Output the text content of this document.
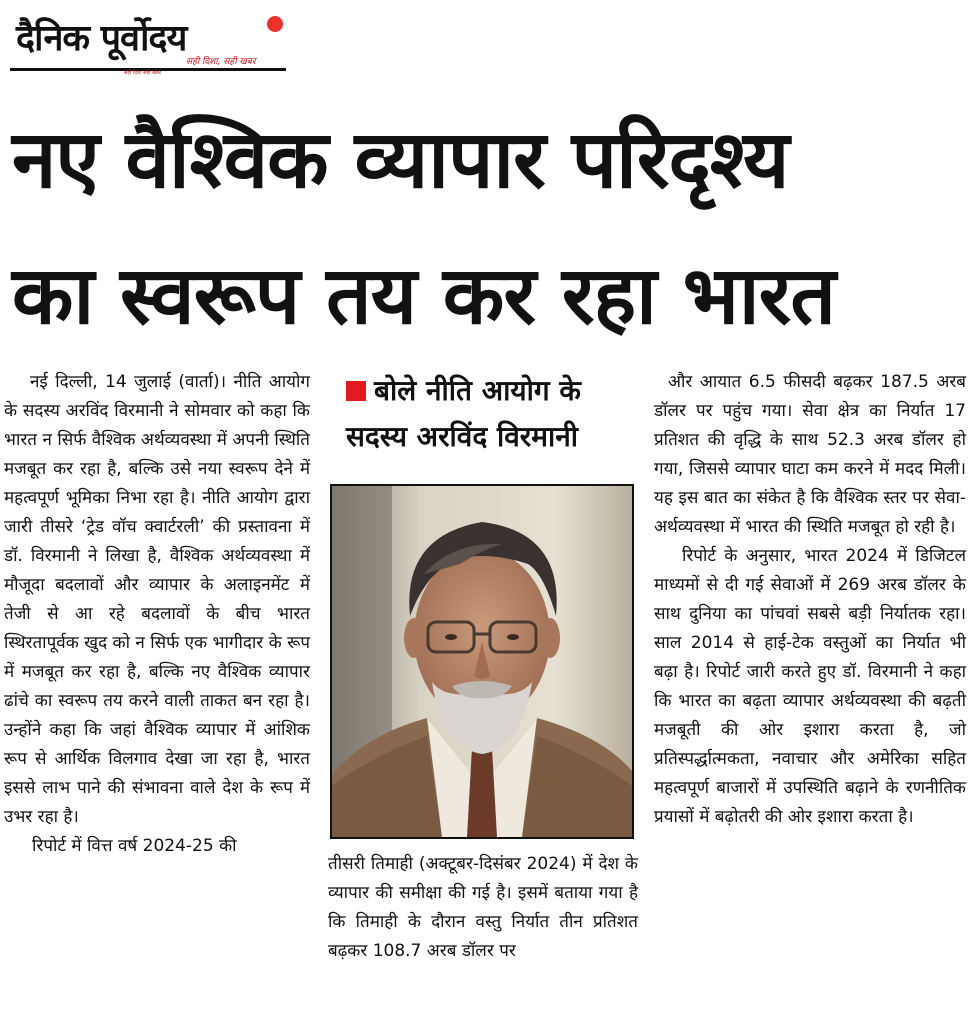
दैनिक पूर्वोदय
सही दिशा, सही खबर
सही दिशा सही खबर
नए वैश्विक व्यापार परिदृश्य
का स्वरूप तय कर रहा भारत

नई दिल्ली, 14 जुलाई (वार्ता)। नीति आयोग के सदस्य अरविंद विरमानी ने सोमवार को कहा कि भारत न सिर्फ वैश्विक अर्थव्यवस्था में अपनी स्थिति मजबूत कर रहा है, बल्कि उसे नया स्वरूप देने में महत्वपूर्ण भूमिका निभा रहा है। नीति आयोग द्वारा जारी तीसरे ‘ट्रेड वॉच क्वार्टरली’ की प्रस्तावना में डॉ. विरमानी ने लिखा है, वैश्विक अर्थव्यवस्था में मौजूदा बदलावों और व्यापार के अलाइनमेंट में तेजी से आ रहे बदलावों के बीच भारत स्थिरतापूर्वक खुद को न सिर्फ एक भागीदार के रूप में मजबूत कर रहा है, बल्कि नए वैश्विक व्यापार ढांचे का स्वरूप तय करने वाली ताकत बन रहा है। उन्होंने कहा कि जहां वैश्विक व्यापार में आंशिक रूप से आर्थिक विलगाव देखा जा रहा है, भारत इससे लाभ पाने की संभावना वाले देश के रूप में उभर रहा है।

रिपोर्ट में वित्त वर्ष 2024-25 की

बोले नीति आयोग के
सदस्य अरविंद विरमानी

तीसरी तिमाही (अक्टूबर-दिसंबर 2024) में देश के व्यापार की समीक्षा की गई है। इसमें बताया गया है कि तिमाही के दौरान वस्तु निर्यात तीन प्रतिशत बढ़कर 108.7 अरब डॉलर पर

और आयात 6.5 फीसदी बढ़कर 187.5 अरब डॉलर पर पहुंच गया। सेवा क्षेत्र का निर्यात 17 प्रतिशत की वृद्धि के साथ 52.3 अरब डॉलर हो गया, जिससे व्यापार घाटा कम करने में मदद मिली। यह इस बात का संकेत है कि वैश्विक स्तर पर सेवा-अर्थव्यवस्था में भारत की स्थिति मजबूत हो रही है।

रिपोर्ट के अनुसार, भारत 2024 में डिजिटल माध्यमों से दी गई सेवाओं में 269 अरब डॉलर के साथ दुनिया का पांचवां सबसे बड़ी निर्यातक रहा। साल 2014 से हाई-टेक वस्तुओं का निर्यात भी बढ़ा है। रिपोर्ट जारी करते हुए डॉ. विरमानी ने कहा कि भारत का बढ़ता व्यापार अर्थव्यवस्था की बढ़ती मजबूती की ओर इशारा करता है, जो प्रतिस्पर्द्धात्मकता, नवाचार और अमेरिका सहित महत्वपूर्ण बाजारों में उपस्थिति बढ़ाने के रणनीतिक प्रयासों में बढ़ोतरी की ओर इशारा करता है।
